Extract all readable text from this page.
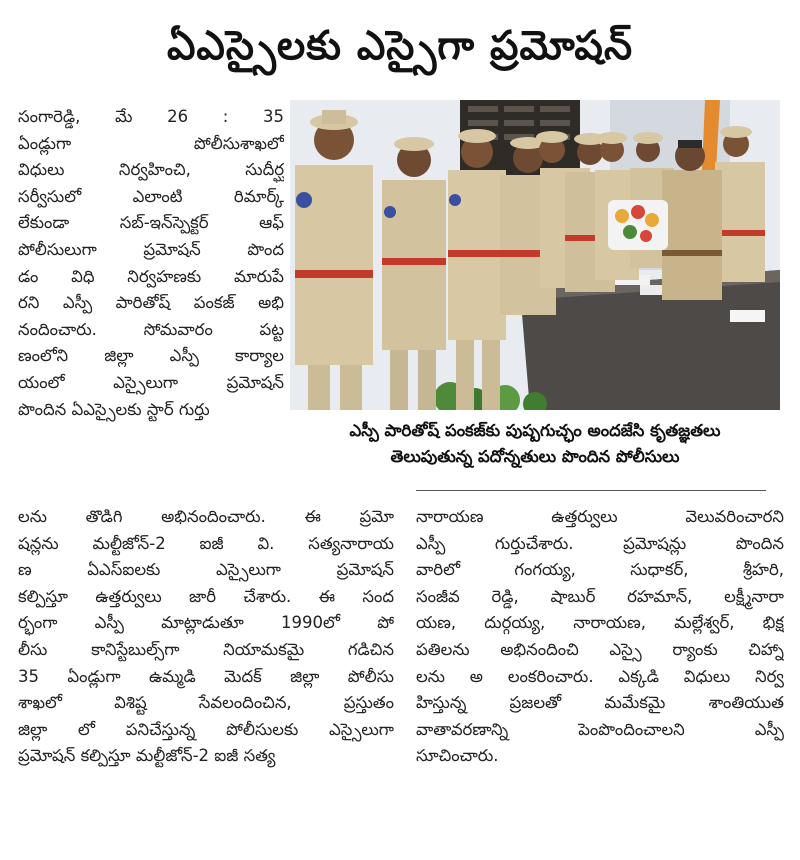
ఏఎస్సైలకు ఎస్సైగా ప్రమోషన్
సంగారెడ్డి, మే 26 : 35
ఏండ్లుగా పోలీసుశాఖలో
విధులు నిర్వహించి, సుదీర్ఘ
సర్వీసులో ఎలాంటి రిమార్క్
లేకుండా సబ్‌-ఇన్‌స్పెక్టర్ ఆఫ్
పోలీసులుగా ప్రమోషన్ పొంద
డం విధి నిర్వహణకు మారుపే
రని ఎస్పీ పారితోష్ పంకజ్ అభి
నందించారు. సోమవారం పట్ట
ణంలోని జిల్లా ఎస్పీ కార్యాల
యంలో ఎస్సైలుగా ప్రమోషన్
పొందిన ఏఎస్సైలకు స్టార్ గుర్తు
ఎస్పీ పారితోష్ పంకజ్‌కు పుష్పగుచ్ఛం అందజేసి కృతజ్ఞతలు
తెలుపుతున్న పదోన్నతులు పొందిన పోలీసులు
లను తొడిగి అభినందించారు. ఈ ప్రమో
షన్లను మల్టీజోన్‌-2 ఐజీ వి. సత్యనారాయ
ణ ఏఎస్ఐలకు ఎస్సైలుగా ప్రమోషన్
కల్పిస్తూ ఉత్తర్వులు జారీ చేశారు. ఈ సంద
ర్భంగా ఎస్పీ మాట్లాడుతూ 1990లో పో
లీసు కానిస్టేబుల్స్‌గా నియామకమై గడిచిన
35 ఏండ్లుగా ఉమ్మడి మెదక్ జిల్లా పోలీసు
శాఖలో విశిష్ట సేవలందించిన, ప్రస్తుతం
జిల్లా లో పనిచేస్తున్న పోలీసులకు ఎస్సైలుగా
ప్రమోషన్ కల్పిస్తూ మల్టీజోన్‌-2 ఐజీ సత్య
నారాయణ ఉత్తర్వులు వెలువరించారని
ఎస్పీ గుర్తుచేశారు. ప్రమోషన్లు పొందిన
వారిలో గంగయ్య, సుధాకర్, శ్రీహరి,
సంజీవ రెడ్డి, షాబుర్ రహమాన్, లక్ష్మీనారా
యణ, దుర్గయ్య, నారాయణ, మల్లేశ్వర్, భిక్ష
పతిలను అభినందించి ఎస్సై ర్యాంకు చిహ్నా
లను అ లంకరించారు. ఎక్కడి విధులు నిర్వ
హిస్తున్న ప్రజలతో మమేకమై శాంతియుత
వాతావరణాన్ని పెంపొందించాలని ఎస్పీ
సూచించారు.
